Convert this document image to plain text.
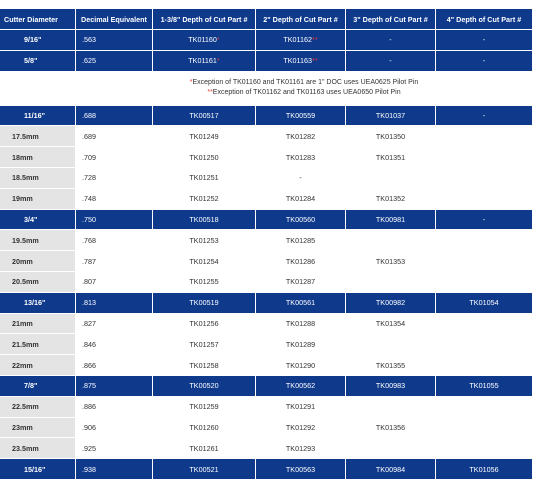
Cutter Diameter	Decimal Equivalent	1-3/8" Depth of Cut Part #	2" Depth of Cut Part #	3" Depth of Cut Part #	4" Depth of Cut Part #
9/16"	.563	TK01160*	TK01162**	-	-
5/8"	.625	TK01161*	TK01163**	-	-

	*Exception of TK01160 and TK01161 are 1" DOC uses UEA0625 Pilot Pin
**Exception of TK01162 and TK01163 uses UEA0650 Pilot Pin				

11/16"	.688	TK00517	TK00559	TK01037	-
17.5mm	.689	TK01249	TK01282	TK01350	
18mm	.709	TK01250	TK01283	TK01351	
18.5mm	.728	TK01251	-		
19mm	.748	TK01252	TK01284	TK01352	
3/4"	.750	TK00518	TK00560	TK00981	-
19.5mm	.768	TK01253	TK01285		
20mm	.787	TK01254	TK01286	TK01353	
20.5mm	.807	TK01255	TK01287		
13/16"	.813	TK00519	TK00561	TK00982	TK01054
21mm	.827	TK01256	TK01288	TK01354	
21.5mm	.846	TK01257	TK01289		
22mm	.866	TK01258	TK01290	TK01355	
7/8"	.875	TK00520	TK00562	TK00983	TK01055
22.5mm	.886	TK01259	TK01291		
23mm	.906	TK01260	TK01292	TK01356	
23.5mm	.925	TK01261	TK01293		
15/16"	.938	TK00521	TK00563	TK00984	TK01056
